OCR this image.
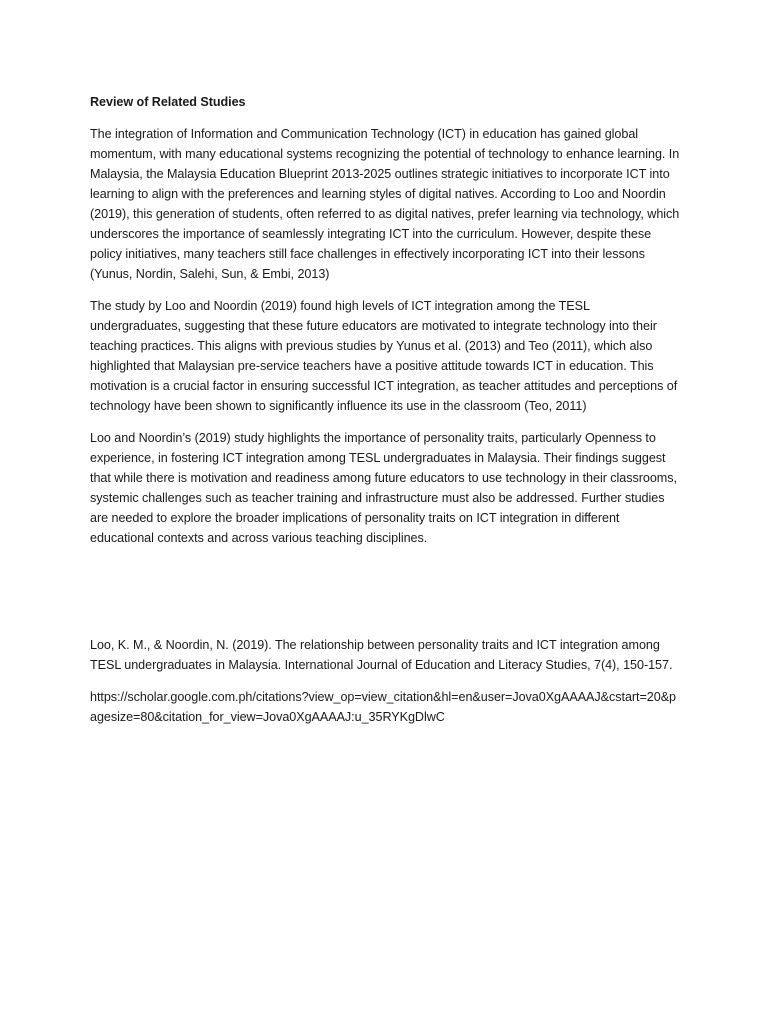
Review of Related Studies

The integration of Information and Communication Technology (ICT) in education has gained global momentum, with many educational systems recognizing the potential of technology to enhance learning. In Malaysia, the Malaysia Education Blueprint 2013-2025 outlines strategic initiatives to incorporate ICT into learning to align with the preferences and learning styles of digital natives. According to Loo and Noordin (2019), this generation of students, often referred to as digital natives, prefer learning via technology, which underscores the importance of seamlessly integrating ICT into the curriculum. However, despite these policy initiatives, many teachers still face challenges in effectively incorporating ICT into their lessons (Yunus, Nordin, Salehi, Sun, & Embi, 2013)

The study by Loo and Noordin (2019) found high levels of ICT integration among the TESL undergraduates, suggesting that these future educators are motivated to integrate technology into their teaching practices. This aligns with previous studies by Yunus et al. (2013) and Teo (2011), which also highlighted that Malaysian pre-service teachers have a positive attitude towards ICT in education. This motivation is a crucial factor in ensuring successful ICT integration, as teacher attitudes and perceptions of technology have been shown to significantly influence its use in the classroom (Teo, 2011)

Loo and Noordin’s (2019) study highlights the importance of personality traits, particularly Openness to experience, in fostering ICT integration among TESL undergraduates in Malaysia. Their findings suggest that while there is motivation and readiness among future educators to use technology in their classrooms, systemic challenges such as teacher training and infrastructure must also be addressed. Further studies are needed to explore the broader implications of personality traits on ICT integration in different educational contexts and across various teaching disciplines.

Loo, K. M., & Noordin, N. (2019). The relationship between personality traits and ICT integration among TESL undergraduates in Malaysia. International Journal of Education and Literacy Studies, 7(4), 150-157.

https://scholar.google.com.ph/citations?view_op=view_citation&hl=en&user=Jova0XgAAAAJ&cstart=20&pagesize=80&citation_for_view=Jova0XgAAAAJ:u_35RYKgDlwC
